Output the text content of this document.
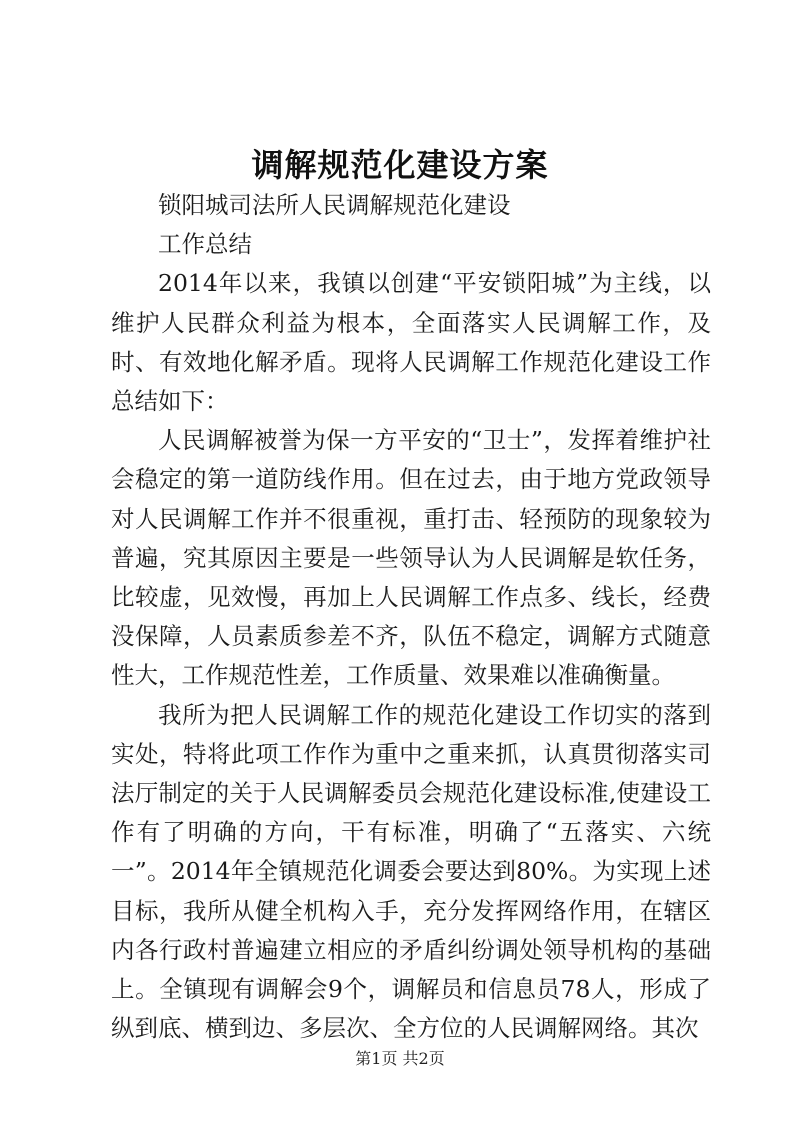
调解规范化建设方案

锁阳城司法所人民调解规范化建设

工作总结

2014年以来，我镇以创建“平安锁阳城”为主线，以维护人民群众利益为根本，全面落实人民调解工作，及时、有效地化解矛盾。现将人民调解工作规范化建设工作总结如下：

人民调解被誉为保一方平安的“卫士”，发挥着维护社会稳定的第一道防线作用。但在过去，由于地方党政领导对人民调解工作并不很重视，重打击、轻预防的现象较为普遍，究其原因主要是一些领导认为人民调解是软任务，比较虚，见效慢，再加上人民调解工作点多、线长，经费没保障，人员素质参差不齐，队伍不稳定，调解方式随意性大，工作规范性差，工作质量、效果难以准确衡量。

我所为把人民调解工作的规范化建设工作切实的落到实处，特将此项工作作为重中之重来抓，认真贯彻落实司法厅制定的关于人民调解委员会规范化建设标准,使建设工作有了明确的方向，干有标准，明确了“五落实、六统一”。2014年全镇规范化调委会要达到80%。为实现上述目标，我所从健全机构入手，充分发挥网络作用，在辖区内各行政村普遍建立相应的矛盾纠纷调处领导机构的基础上。全镇现有调解会9个，调解员和信息员78人，形成了纵到底、横到边、多层次、全方位的人民调解网络。其次

第1页 共2页
